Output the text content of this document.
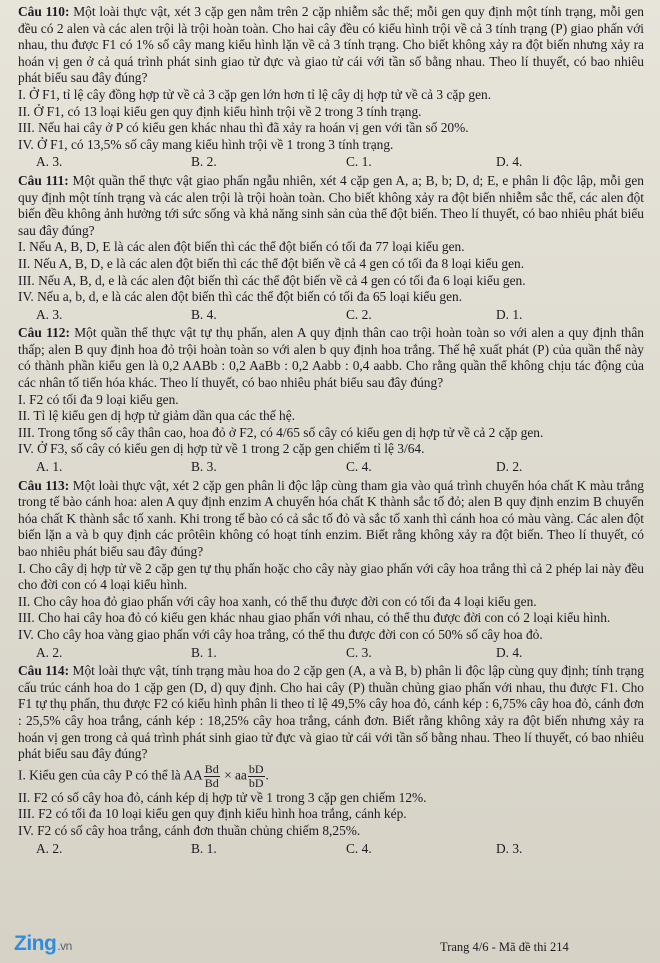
Câu 110: Một loài thực vật, xét 3 cặp gen nằm trên 2 cặp nhiễm sắc thể; mỗi gen quy định một tính trạng, mỗi gen đều có 2 alen và các alen trội là trội hoàn toàn. Cho hai cây đều có kiểu hình trội về cả 3 tính trạng (P) giao phấn với nhau, thu được F1 có 1% số cây mang kiểu hình lặn về cả 3 tính trạng. Cho biết không xảy ra đột biến nhưng xảy ra hoán vị gen ở cả quá trình phát sinh giao tử đực và giao tử cái với tần số bằng nhau. Theo lí thuyết, có bao nhiêu phát biểu sau đây đúng?

I. Ở F1, tỉ lệ cây đồng hợp tử về cả 3 cặp gen lớn hơn tỉ lệ cây dị hợp tử về cả 3 cặp gen.

II. Ở F1, có 13 loại kiểu gen quy định kiểu hình trội về 2 trong 3 tính trạng.

III. Nếu hai cây ở P có kiểu gen khác nhau thì đã xảy ra hoán vị gen với tần số 20%.

IV. Ở F1, có 13,5% số cây mang kiểu hình trội về 1 trong 3 tính trạng.

A. 3.	B. 2.	C. 1.	D. 4.

Câu 111: Một quần thể thực vật giao phấn ngẫu nhiên, xét 4 cặp gen A, a; B, b; D, d; E, e phân li độc lập, mỗi gen quy định một tính trạng và các alen trội là trội hoàn toàn. Cho biết không xảy ra đột biến nhiễm sắc thể, các alen đột biến đều không ảnh hưởng tới sức sống và khả năng sinh sản của thể đột biến. Theo lí thuyết, có bao nhiêu phát biểu sau đây đúng?

I. Nếu A, B, D, E là các alen đột biến thì các thể đột biến có tối đa 77 loại kiểu gen.

II. Nếu A, B, D, e là các alen đột biến thì các thể đột biến về cả 4 gen có tối đa 8 loại kiểu gen.

III. Nếu A, B, d, e là các alen đột biến thì các thể đột biến về cả 4 gen có tối đa 6 loại kiểu gen.

IV. Nếu a, b, d, e là các alen đột biến thì các thể đột biến có tối đa 65 loại kiểu gen.

A. 3.	B. 4.	C. 2.	D. 1.

Câu 112: Một quần thể thực vật tự thụ phấn, alen A quy định thân cao trội hoàn toàn so với alen a quy định thân thấp; alen B quy định hoa đỏ trội hoàn toàn so với alen b quy định hoa trắng. Thế hệ xuất phát (P) của quần thể này có thành phần kiểu gen là 0,2 AABb : 0,2 AaBb : 0,2 Aabb : 0,4 aabb. Cho rằng quần thể không chịu tác động của các nhân tố tiến hóa khác. Theo lí thuyết, có bao nhiêu phát biểu sau đây đúng?

I. F2 có tối đa 9 loại kiểu gen.

II. Tỉ lệ kiểu gen dị hợp tử giảm dần qua các thế hệ.

III. Trong tổng số cây thân cao, hoa đỏ ở F2, có 4/65 số cây có kiểu gen dị hợp tử về cả 2 cặp gen.

IV. Ở F3, số cây có kiểu gen dị hợp tử về 1 trong 2 cặp gen chiếm tỉ lệ 3/64.

A. 1.	B. 3.	C. 4.	D. 2.

Câu 113: Một loài thực vật, xét 2 cặp gen phân li độc lập cùng tham gia vào quá trình chuyển hóa chất K màu trắng trong tế bào cánh hoa: alen A quy định enzim A chuyển hóa chất K thành sắc tố đỏ; alen B quy định enzim B chuyển hóa chất K thành sắc tố xanh. Khi trong tế bào có cả sắc tố đỏ và sắc tố xanh thì cánh hoa có màu vàng. Các alen đột biến lặn a và b quy định các prôtêin không có hoạt tính enzim. Biết rằng không xảy ra đột biến. Theo lí thuyết, có bao nhiêu phát biểu sau đây đúng?

I. Cho cây dị hợp tử về 2 cặp gen tự thụ phấn hoặc cho cây này giao phấn với cây hoa trắng thì cả 2 phép lai này đều cho đời con có 4 loại kiểu hình.

II. Cho cây hoa đỏ giao phấn với cây hoa xanh, có thể thu được đời con có tối đa 4 loại kiểu gen.

III. Cho hai cây hoa đỏ có kiểu gen khác nhau giao phấn với nhau, có thể thu được đời con có 2 loại kiểu hình.

IV. Cho cây hoa vàng giao phấn với cây hoa trắng, có thể thu được đời con có 50% số cây hoa đỏ.

A. 2.	B. 1.	C. 3.	D. 4.

Câu 114: Một loài thực vật, tính trạng màu hoa do 2 cặp gen (A, a và B, b) phân li độc lập cùng quy định; tính trạng cấu trúc cánh hoa do 1 cặp gen (D, d) quy định. Cho hai cây (P) thuần chủng giao phấn với nhau, thu được F1. Cho F1 tự thụ phấn, thu được F2 có kiểu hình phân li theo tỉ lệ 49,5% cây hoa đỏ, cánh kép : 6,75% cây hoa đỏ, cánh đơn : 25,5% cây hoa trắng, cánh kép : 18,25% cây hoa trắng, cánh đơn. Biết rằng không xảy ra đột biến nhưng xảy ra hoán vị gen trong cả quá trình phát sinh giao tử đực và giao tử cái với tần số bằng nhau. Theo lí thuyết, có bao nhiêu phát biểu sau đây đúng?

I. Kiểu gen của cây P có thể là AA $\frac{Bd}{Bd}$ × aa $\frac{bD}{bD}$ .

II. F2 có số cây hoa đỏ, cánh kép dị hợp tử về 1 trong 3 cặp gen chiếm 12%.

III. F2 có tối đa 10 loại kiểu gen quy định kiểu hình hoa trắng, cánh kép.

IV. F2 có số cây hoa trắng, cánh đơn thuần chủng chiếm 8,25%.

A. 2.	B. 1.	C. 4.	D. 3.
Zing.vn	Trang 4/6 - Mã đề thi 214
